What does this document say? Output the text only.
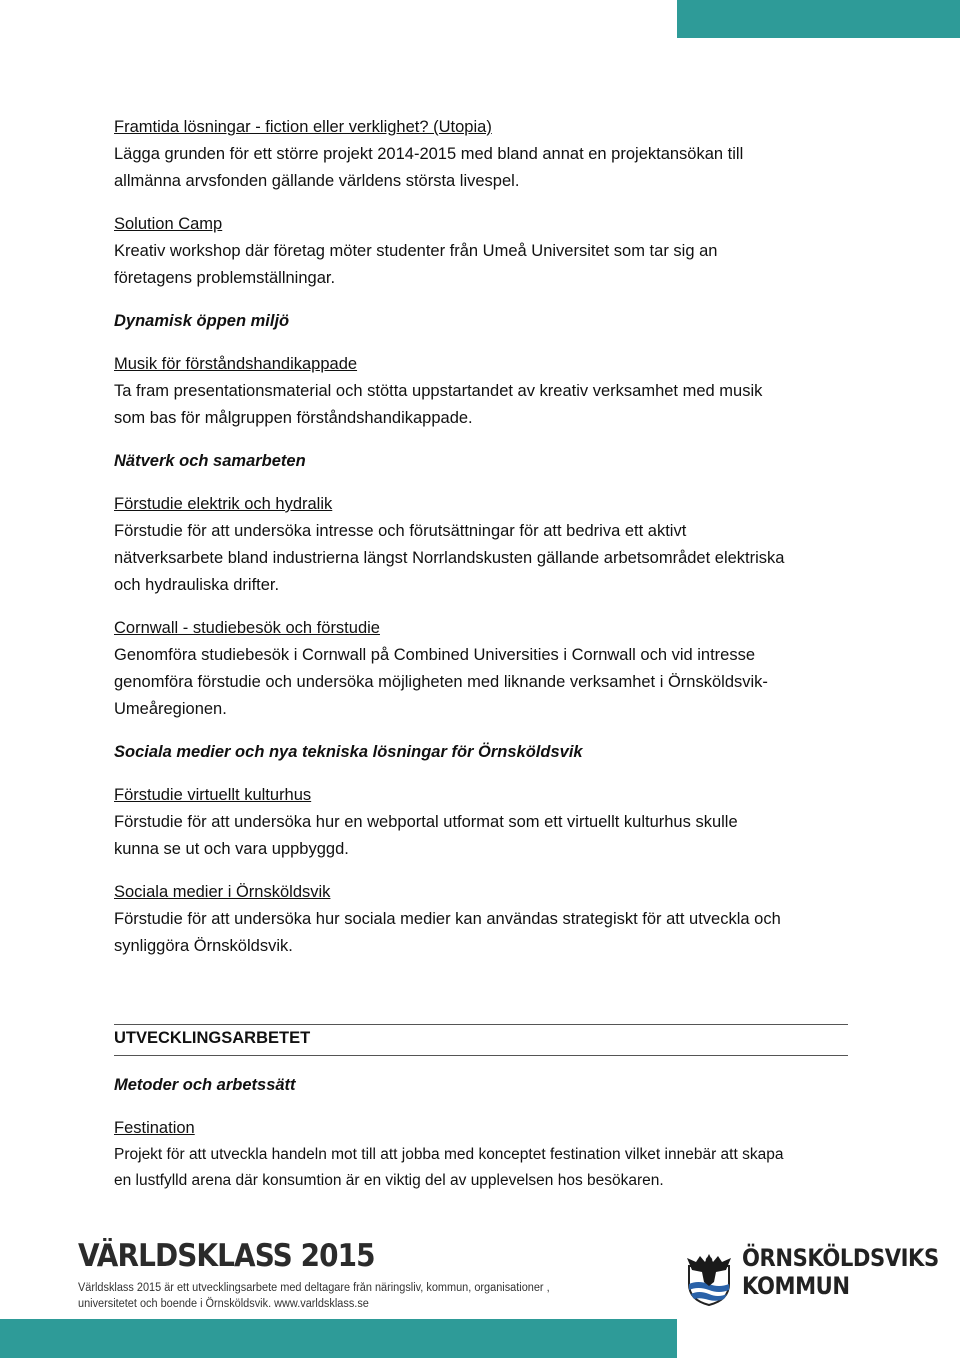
Framtida lösningar - fiction eller verklighet? (Utopia)
Lägga grunden för ett större projekt 2014-2015 med bland annat en projektansökan till
allmänna arvsfonden gällande världens största livespel.
Solution Camp
Kreativ workshop där företag möter studenter från Umeå Universitet som tar sig an
företagens problemställningar.
Dynamisk öppen miljö
Musik för förståndshandikappade
Ta fram presentationsmaterial och stötta uppstartandet av kreativ verksamhet med musik
som bas för målgruppen förståndshandikappade.
Nätverk och samarbeten
Förstudie elektrik och hydralik
Förstudie för att undersöka intresse och förutsättningar för att bedriva ett aktivt
nätverksarbete bland industrierna längst Norrlandskusten gällande arbetsområdet elektriska
och hydrauliska drifter.
Cornwall - studiebesök och förstudie
Genomföra studiebesök i Cornwall på Combined Universities i Cornwall och vid intresse
genomföra förstudie och undersöka möjligheten med liknande verksamhet i Örnsköldsvik-
Umeåregionen.
Sociala medier och nya tekniska lösningar för Örnsköldsvik
Förstudie virtuellt kulturhus
Förstudie för att undersöka hur en webportal utformat som ett virtuellt kulturhus skulle
kunna se ut och vara uppbyggd.
Sociala medier i Örnsköldsvik
Förstudie för att undersöka hur sociala medier kan användas strategiskt för att utveckla och
synliggöra Örnsköldsvik.
UTVECKLINGSARBETET
Metoder och arbetssätt
Festination
Projekt för att utveckla handeln mot till att jobba med konceptet festination vilket innebär att skapa
en lustfylld arena där konsumtion är en viktig del av upplevelsen hos besökaren.
VÄRLDSKLASS 2015
Världsklass 2015 är ett utvecklingsarbete med deltagare från näringsliv, kommun, organisationer ,
universitetet och boende i Örnsköldsvik. www.varldsklass.se
ÖRNSKÖLDSVIKS
KOMMUN
